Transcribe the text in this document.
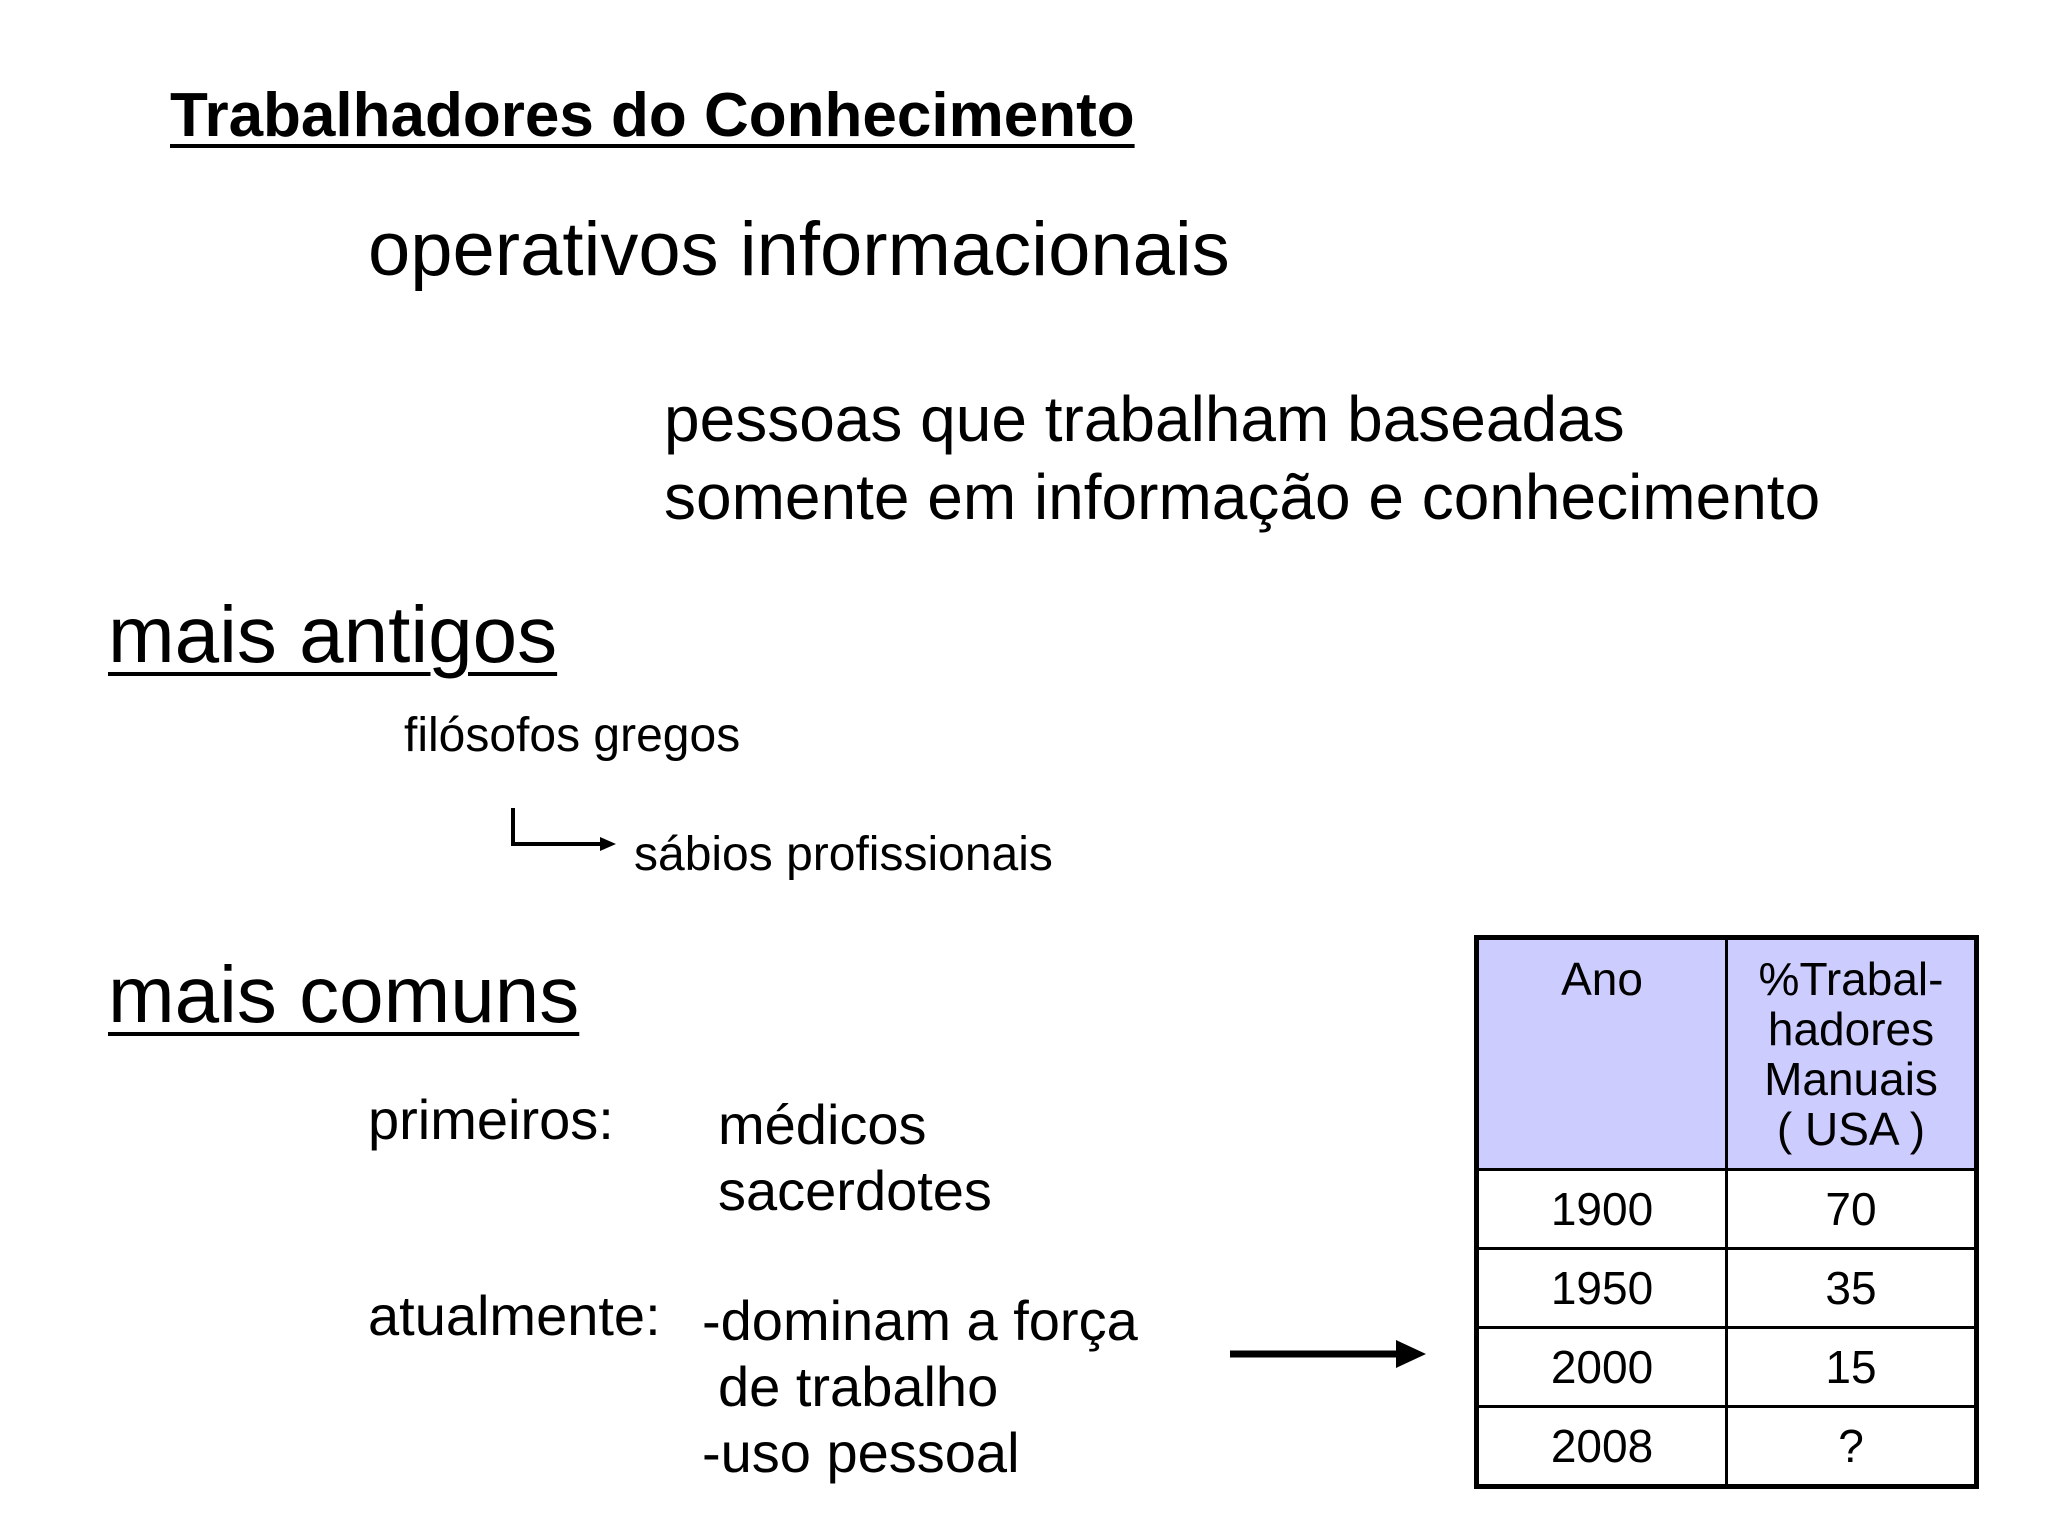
Trabalhadores do Conhecimento
operativos informacionais
pessoas que trabalham baseadas
somente em informação e conhecimento
mais antigos
filósofos gregos
sábios profissionais
mais comuns
primeiros: médicos
sacerdotes
atualmente: -dominam a força
de trabalho
-uso pessoal
Ano	%Trabal-
hadores
Manuais
( USA )

1900	70
1950	35
2000	15
2008	?
